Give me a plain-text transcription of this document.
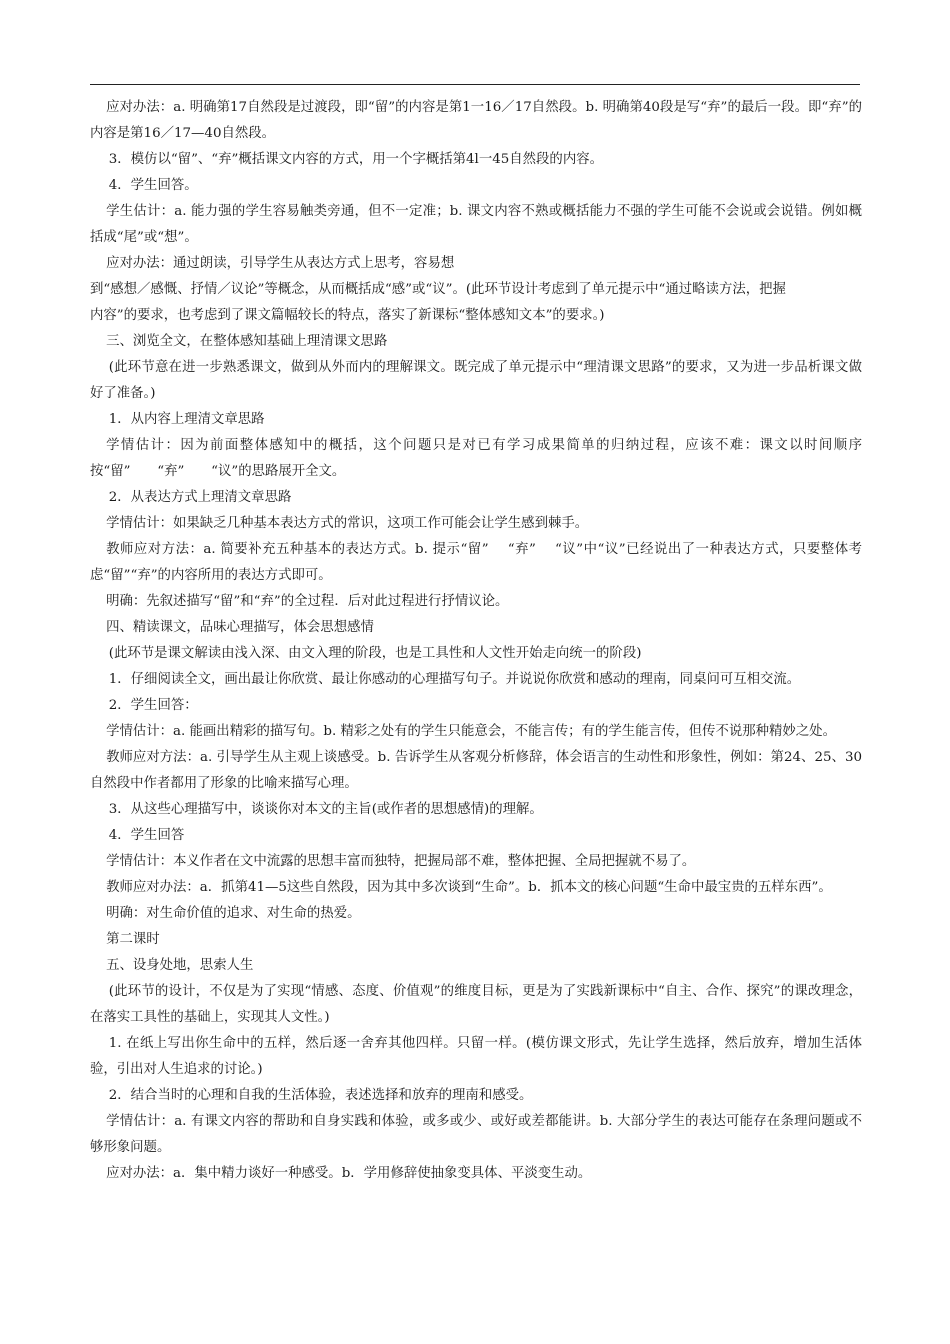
应对办法：a. 明确第17自然段是过渡段，即“留”的内容是第1一16／17自然段。b. 明确第40段是写“弃”的最后一段。即“弃”的内容是第16／17—40自然段。

3．模仿以“留”、“弃”概括课文内容的方式，用一个字概括第4l一45自然段的内容。

4．学生回答。

学生估计：a. 能力强的学生容易触类旁通，但不一定准；b. 课文内容不熟或概括能力不强的学生可能不会说或会说错。例如概括成“尾”或“想”。

应对办法：通过朗读，引导学生从表达方式上思考，容易想

到“感想／感慨、抒情／议论”等概念，从而概括成“感”或“议”。(此环节设计考虑到了单元提示中“通过略读方法，把握

内容”的要求，也考虑到了课文篇幅较长的特点，落实了新课标“整体感知文本”的要求。)

三、浏览全文，在整体感知基础上理清课文思路

(此环节意在进一步熟悉课文，做到从外而内的理解课文。既完成了单元提示中“理清课文思路”的要求，又为进一步品析课文做好了准备。)

1．从内容上理清文章思路

学情估计：因为前面整体感知中的概括，这个问题只是对已有学习成果简单的归纳过程，应该不难：课文以时间顺序按“留”　　“弃”　　“议”的思路展开全文。

2．从表达方式上理清文章思路

学情估计：如果缺乏几种基本表达方式的常识，这项工作可能会让学生感到棘手。

教师应对方法：a. 简要补充五种基本的表达方式。b. 提示“留”　 “弃”　 “议”中“议”已经说出了一种表达方式，只要整体考虑“留”“弃”的内容所用的表达方式即可。

明确：先叙述描写“留”和“弃”的全过程．后对此过程进行抒情议论。

四、精读课文，品味心理描写，体会思想感情

(此环节是课文解读由浅入深、由文入理的阶段，也是工具性和人文性开始走向统一的阶段)

1．仔细阅读全文，画出最让你欣赏、最让你感动的心理描写句子。并说说你欣赏和感动的理南，同桌问可互相交流。

2．学生回答：

学情估计：a. 能画出精彩的描写句。b. 精彩之处有的学生只能意会，不能言传；有的学生能言传，但传不说那种精妙之处。

教师应对方法：a. 引导学生从主观上谈感受。b. 告诉学生从客观分析修辞，体会语言的生动性和形象性，例如：第24、25、30自然段中作者都用了形象的比喻来描写心理。

3．从这些心理描写中，谈谈你对本文的主旨(或作者的思想感情)的理解。

4．学生回答

学情估计：本义作者在文中流露的思想丰富而独特，把握局部不难，整体把握、全局把握就不易了。

教师应对办法：a．抓第41—5这些自然段，因为其中多次谈到“生命”。b．抓本文的核心问题“生命中最宝贵的五样东西”。

明确：对生命价值的追求、对生命的热爱。

第二课时

五、设身处地，思索人生

(此环节的设计，不仅是为了实现“情感、态度、价值观”的维度目标，更是为了实践新课标中“自主、合作、探究”的课改理念，在落实工具性的基础上，实现其人文性。)

1. 在纸上写出你生命中的五样，然后逐一舍弃其他四样。只留一样。(模仿课文形式，先让学生选择，然后放弃，增加生活体验，引出对人生追求的讨论。)

2．结合当时的心理和自我的生活体验，表述选择和放弃的理南和感受。

学情估计：a. 有课文内容的帮助和自身实践和体验，或多或少、或好或差都能讲。b. 大部分学生的表达可能存在条理问题或不够形象问题。

应对办法：a．集中精力谈好一种感受。b．学用修辞使抽象变具体、平淡变生动。
